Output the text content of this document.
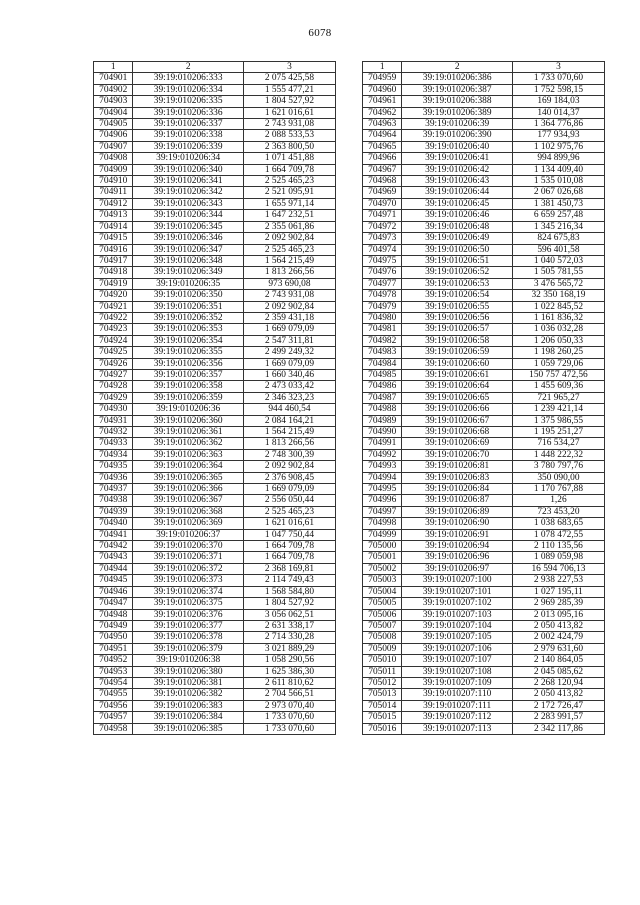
6078
1	2	3
704901	39:19:010206:333	2 075 425,58
704902	39:19:010206:334	1 555 477,21
704903	39:19:010206:335	1 804 527,92
704904	39:19:010206:336	1 621 016,61
704905	39:19:010206:337	2 743 931,08
704906	39:19:010206:338	2 088 533,53
704907	39:19:010206:339	2 363 800,50
704908	39:19:010206:34	1 071 451,88
704909	39:19:010206:340	1 664 709,78
704910	39:19:010206:341	2 525 465,23
704911	39:19:010206:342	2 521 095,91
704912	39:19:010206:343	1 655 971,14
704913	39:19:010206:344	1 647 232,51
704914	39:19:010206:345	2 355 061,86
704915	39:19:010206:346	2 092 902,84
704916	39:19:010206:347	2 525 465,23
704917	39:19:010206:348	1 564 215,49
704918	39:19:010206:349	1 813 266,56
704919	39:19:010206:35	973 690,08
704920	39:19:010206:350	2 743 931,08
704921	39:19:010206:351	2 092 902,84
704922	39:19:010206:352	2 359 431,18
704923	39:19:010206:353	1 669 079,09
704924	39:19:010206:354	2 547 311,81
704925	39:19:010206:355	2 499 249,32
704926	39:19:010206:356	1 669 079,09
704927	39:19:010206:357	1 660 340,46
704928	39:19:010206:358	2 473 033,42
704929	39:19:010206:359	2 346 323,23
704930	39:19:010206:36	944 460,54
704931	39:19:010206:360	2 084 164,21
704932	39:19:010206:361	1 564 215,49
704933	39:19:010206:362	1 813 266,56
704934	39:19:010206:363	2 748 300,39
704935	39:19:010206:364	2 092 902,84
704936	39:19:010206:365	2 376 908,45
704937	39:19:010206:366	1 669 079,09
704938	39:19:010206:367	2 556 050,44
704939	39:19:010206:368	2 525 465,23
704940	39:19:010206:369	1 621 016,61
704941	39:19:010206:37	1 047 750,44
704942	39:19:010206:370	1 664 709,78
704943	39:19:010206:371	1 664 709,78
704944	39:19:010206:372	2 368 169,81
704945	39:19:010206:373	2 114 749,43
704946	39:19:010206:374	1 568 584,80
704947	39:19:010206:375	1 804 527,92
704948	39:19:010206:376	3 056 062,51
704949	39:19:010206:377	2 631 338,17
704950	39:19:010206:378	2 714 330,28
704951	39:19:010206:379	3 021 889,29
704952	39:19:010206:38	1 058 290,56
704953	39:19:010206:380	1 625 386,30
704954	39:19:010206:381	2 611 810,62
704955	39:19:010206:382	2 704 566,51
704956	39:19:010206:383	2 973 070,40
704957	39:19:010206:384	1 733 070,60
704958	39:19:010206:385	1 733 070,60
1	2	3
704959	39:19:010206:386	1 733 070,60
704960	39:19:010206:387	1 752 598,15
704961	39:19:010206:388	169 184,03
704962	39:19:010206:389	140 014,37
704963	39:19:010206:39	1 364 776,86
704964	39:19:010206:390	177 934,93
704965	39:19:010206:40	1 102 975,76
704966	39:19:010206:41	994 899,96
704967	39:19:010206:42	1 134 409,40
704968	39:19:010206:43	1 535 010,08
704969	39:19:010206:44	2 067 026,68
704970	39:19:010206:45	1 381 450,73
704971	39:19:010206:46	6 659 257,48
704972	39:19:010206:48	1 345 216,34
704973	39:19:010206:49	824 675,83
704974	39:19:010206:50	596 401,58
704975	39:19:010206:51	1 040 572,03
704976	39:19:010206:52	1 505 781,55
704977	39:19:010206:53	3 476 565,72
704978	39:19:010206:54	32 350 168,19
704979	39:19:010206:55	1 022 845,52
704980	39:19:010206:56	1 161 836,32
704981	39:19:010206:57	1 036 032,28
704982	39:19:010206:58	1 206 050,33
704983	39:19:010206:59	1 198 260,25
704984	39:19:010206:60	1 059 729,06
704985	39:19:010206:61	150 757 472,56
704986	39:19:010206:64	1 455 609,36
704987	39:19:010206:65	721 965,27
704988	39:19:010206:66	1 239 421,14
704989	39:19:010206:67	1 375 986,55
704990	39:19:010206:68	1 195 251,27
704991	39:19:010206:69	716 534,27
704992	39:19:010206:70	1 448 222,32
704993	39:19:010206:81	3 780 797,76
704994	39:19:010206:83	350 090,00
704995	39:19:010206:84	1 170 767,88
704996	39:19:010206:87	1,26
704997	39:19:010206:89	723 453,20
704998	39:19:010206:90	1 038 683,65
704999	39:19:010206:91	1 078 472,55
705000	39:19:010206:94	2 110 135,56
705001	39:19:010206:96	1 089 059,98
705002	39:19:010206:97	16 594 706,13
705003	39:19:010207:100	2 938 227,53
705004	39:19:010207:101	1 027 195,11
705005	39:19:010207:102	2 969 285,39
705006	39:19:010207:103	2 013 095,16
705007	39:19:010207:104	2 050 413,82
705008	39:19:010207:105	2 002 424,79
705009	39:19:010207:106	2 979 631,60
705010	39:19:010207:107	2 140 864,05
705011	39:19:010207:108	2 045 085,62
705012	39:19:010207:109	2 268 120,94
705013	39:19:010207:110	2 050 413,82
705014	39:19:010207:111	2 172 726,47
705015	39:19:010207:112	2 283 991,57
705016	39:19:010207:113	2 342 117,86
